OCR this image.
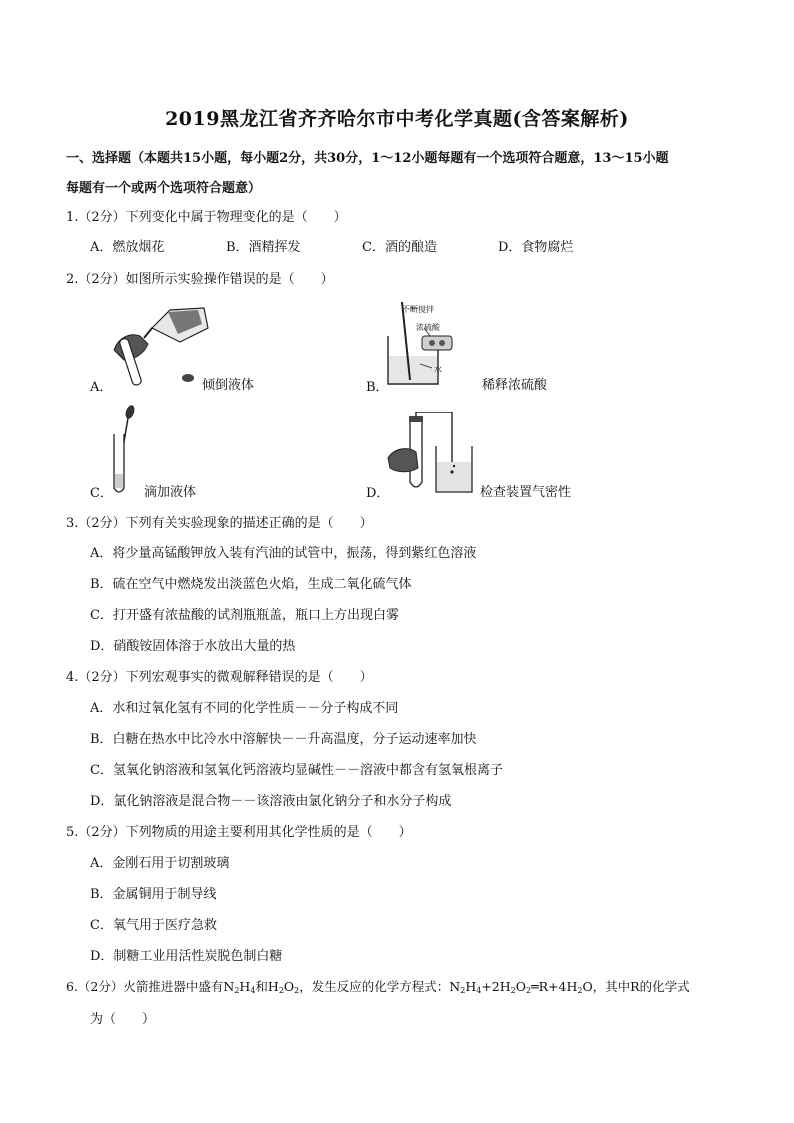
2019黑龙江省齐齐哈尔市中考化学真题(含答案解析)
一、选择题（本题共15小题，每小题2分，共30分，1～12小题每题有一个选项符合题意，13～15小题
每题有一个或两个选项符合题意）
1.（2分）下列变化中属于物理变化的是（　　）
A．燃放烟花	B．酒精挥发	C．酒的酿造	D．食物腐烂
2.（2分）如图所示实验操作错误的是（　　）
A．	倾倒液体
不断搅拌
浓硫酸
水
B．	稀释浓硫酸
C． 滴加液体	D．	检查装置气密性
3.（2分）下列有关实验现象的描述正确的是（　　）
A．将少量高锰酸钾放入装有汽油的试管中，振荡，得到紫红色溶液
B．硫在空气中燃烧发出淡蓝色火焰，生成二氧化硫气体
C．打开盛有浓盐酸的试剂瓶瓶盖，瓶口上方出现白雾
D．硝酸铵固体溶于水放出大量的热
4.（2分）下列宏观事实的微观解释错误的是（　　）
A．水和过氧化氢有不同的化学性质－－分子构成不同
B．白糖在热水中比冷水中溶解快－－升高温度，分子运动速率加快
C．氢氧化钠溶液和氢氧化钙溶液均显碱性－－溶液中都含有氢氧根离子
D．氯化钠溶液是混合物－－该溶液由氯化钠分子和水分子构成
5.（2分）下列物质的用途主要利用其化学性质的是（　　）
A．金刚石用于切割玻璃
B．金属铜用于制导线
C．氧气用于医疗急救
D．制糖工业用活性炭脱色制白糖
6.（2分）火箭推进器中盛有$N_2H_4$和$H_2O_2$，发生反应的化学方程式：$N_2H_4+2H_2O_2═R+4H_2O$，其中R的化学式
为（　　）
